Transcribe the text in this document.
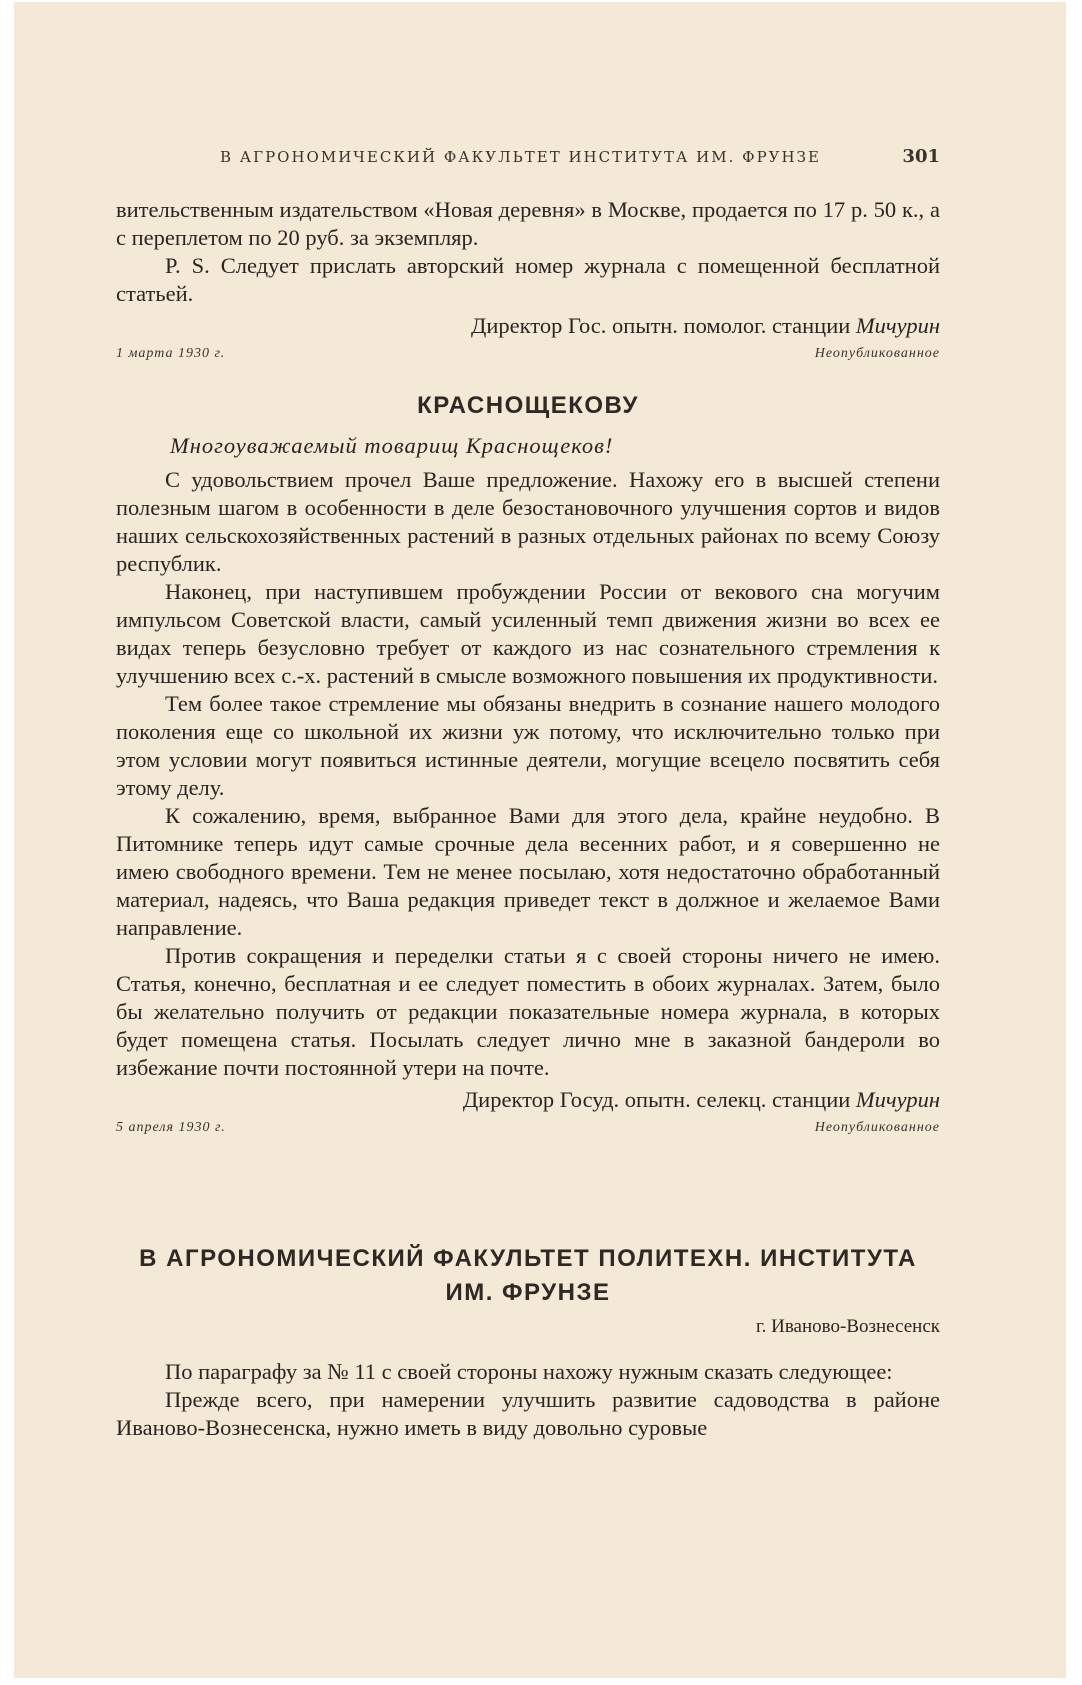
В АГРОНОМИЧЕСКИЙ ФАКУЛЬТЕТ ИНСТИТУТА ИМ. ФРУНЗЕ	301

вительственным издательством «Новая деревня» в Москве, продается по 17 р. 50 к., а с переплетом по 20 руб. за экземпляр.

P. S. Следует прислать авторский номер журнала с помещенной бесплатной статьей.

Директор Гос. опытн. помолог. станции Мичурин

1 марта 1930 г.	Неопубликованное
КРАСНОЩЕКОВУ

Многоуважаемый товарищ Краснощеков!

С удовольствием прочел Ваше предложение. Нахожу его в высшей степени полезным шагом в особенности в деле безостановочного улучшения сортов и видов наших сельскохозяйственных растений в разных отдельных районах по всему Союзу республик.

Наконец, при наступившем пробуждении России от векового сна могучим импульсом Советской власти, самый усиленный темп движения жизни во всех ее видах теперь безусловно требует от каждого из нас сознательного стремления к улучшению всех с.-х. растений в смысле возможного повышения их продуктивности.

Тем более такое стремление мы обязаны внедрить в сознание нашего молодого поколения еще со школьной их жизни уж потому, что исключительно только при этом условии могут появиться истинные деятели, могущие всецело посвятить себя этому делу.

К сожалению, время, выбранное Вами для этого дела, крайне неудобно. В Питомнике теперь идут самые срочные дела весенних работ, и я совершенно не имею свободного времени. Тем не менее посылаю, хотя недостаточно обработанный материал, надеясь, что Ваша редакция приведет текст в должное и желаемое Вами направление.

Против сокращения и переделки статьи я с своей стороны ничего не имею. Статья, конечно, бесплатная и ее следует поместить в обоих журналах. Затем, было бы желательно получить от редакции показательные номера журнала, в которых будет помещена статья. Посылать следует лично мне в заказной бандероли во избежание почти постоянной утери на почте.

Директор Госуд. опытн. селекц. станции Мичурин

5 апреля 1930 г.	Неопубликованное
В АГРОНОМИЧЕСКИЙ ФАКУЛЬТЕТ ПОЛИТЕХН. ИНСТИТУТА
ИМ. ФРУНЗЕ

г. Иваново-Вознесенск

По параграфу за № 11 с своей стороны нахожу нужным сказать следующее:

Прежде всего, при намерении улучшить развитие садоводства в районе Иваново-Вознесенска, нужно иметь в виду довольно суровые
